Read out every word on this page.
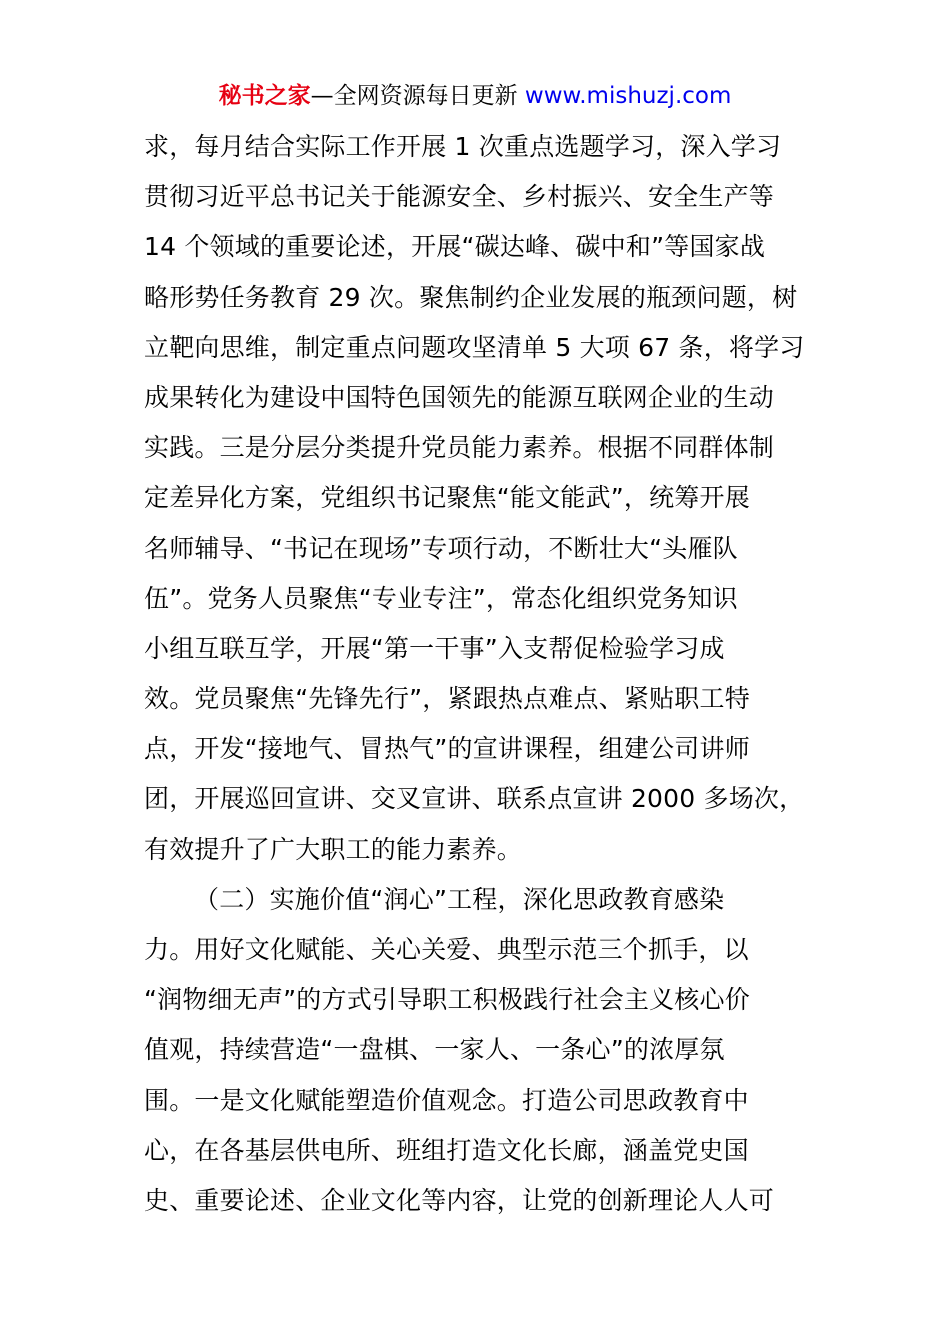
秘书之家—全网资源每日更新 www.mishuzj.com
求，每月结合实际工作开展 1 次重点选题学习，深入学习
贯彻习近平总书记关于能源安全、乡村振兴、安全生产等
14 个领域的重要论述，开展“碳达峰、碳中和”等国家战
略形势任务教育 29 次。聚焦制约企业发展的瓶颈问题，树
立靶向思维，制定重点问题攻坚清单 5 大项 67 条，将学习
成果转化为建设中国特色国领先的能源互联网企业的生动
实践。三是分层分类提升党员能力素养。根据不同群体制
定差异化方案，党组织书记聚焦“能文能武”，统筹开展
名师辅导、“书记在现场”专项行动，不断壮大“头雁队
伍”。党务人员聚焦“专业专注”，常态化组织党务知识
小组互联互学，开展“第一干事”入支帮促检验学习成
效。党员聚焦“先锋先行”，紧跟热点难点、紧贴职工特
点，开发“接地气、冒热气”的宣讲课程，组建公司讲师
团，开展巡回宣讲、交叉宣讲、联系点宣讲 2000 多场次，
有效提升了广大职工的能力素养。
（二）实施价值“润心”工程，深化思政教育感染
力。用好文化赋能、关心关爱、典型示范三个抓手，以
“润物细无声”的方式引导职工积极践行社会主义核心价
值观，持续营造“一盘棋、一家人、一条心”的浓厚氛
围。一是文化赋能塑造价值观念。打造公司思政教育中
心，在各基层供电所、班组打造文化长廊，涵盖党史国
史、重要论述、企业文化等内容，让党的创新理论人人可
